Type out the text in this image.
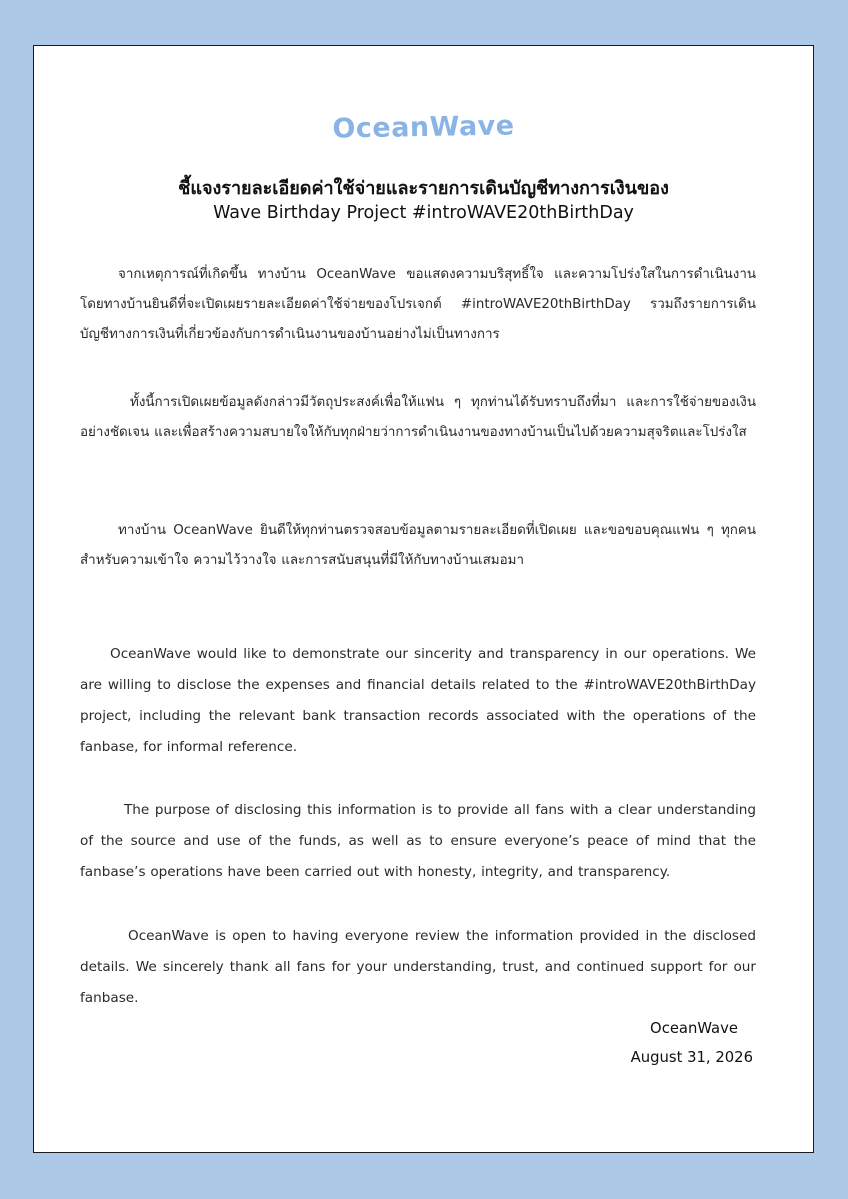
OceanWave
ชี้แจงรายละเอียดค่าใช้จ่ายและรายการเดินบัญชีทางการเงินของ
Wave Birthday Project #introWAVE20thBirthDay

จากเหตุการณ์ที่เกิดขึ้น ทางบ้าน OceanWave ขอแสดงความบริสุทธิ์ใจ และความโปร่งใสในการดำเนินงาน โดยทางบ้านยินดีที่จะเปิดเผยรายละเอียดค่าใช้จ่ายของโปรเจกต์ #introWAVE20thBirthDay รวมถึงรายการเดินบัญชีทางการเงินที่เกี่ยวข้องกับการดำเนินงานของบ้านอย่างไม่เป็นทางการ

ทั้งนี้การเปิดเผยข้อมูลดังกล่าวมีวัตถุประสงค์เพื่อให้แฟน ๆ ทุกท่านได้รับทราบถึงที่มา และการใช้จ่ายของเงินอย่างชัดเจน และเพื่อสร้างความสบายใจให้กับทุกฝ่ายว่าการดำเนินงานของทางบ้านเป็นไปด้วยความสุจริตและโปร่งใส

ทางบ้าน OceanWave ยินดีให้ทุกท่านตรวจสอบข้อมูลตามรายละเอียดที่เปิดเผย และขอขอบคุณแฟน ๆ ทุกคนสำหรับความเข้าใจ ความไว้วางใจ และการสนับสนุนที่มีให้กับทางบ้านเสมอมา

OceanWave would like to demonstrate our sincerity and transparency in our operations. We are willing to disclose the expenses and financial details related to the #introWAVE20thBirthDay project, including the relevant bank transaction records associated with the operations of the fanbase, for informal reference.

The purpose of disclosing this information is to provide all fans with a clear understanding of the source and use of the funds, as well as to ensure everyone’s peace of mind that the fanbase’s operations have been carried out with honesty, integrity, and transparency.

OceanWave is open to having everyone review the information provided in the disclosed details. We sincerely thank all fans for your understanding, trust, and continued support for our fanbase.

OceanWave
August 31, 2026
